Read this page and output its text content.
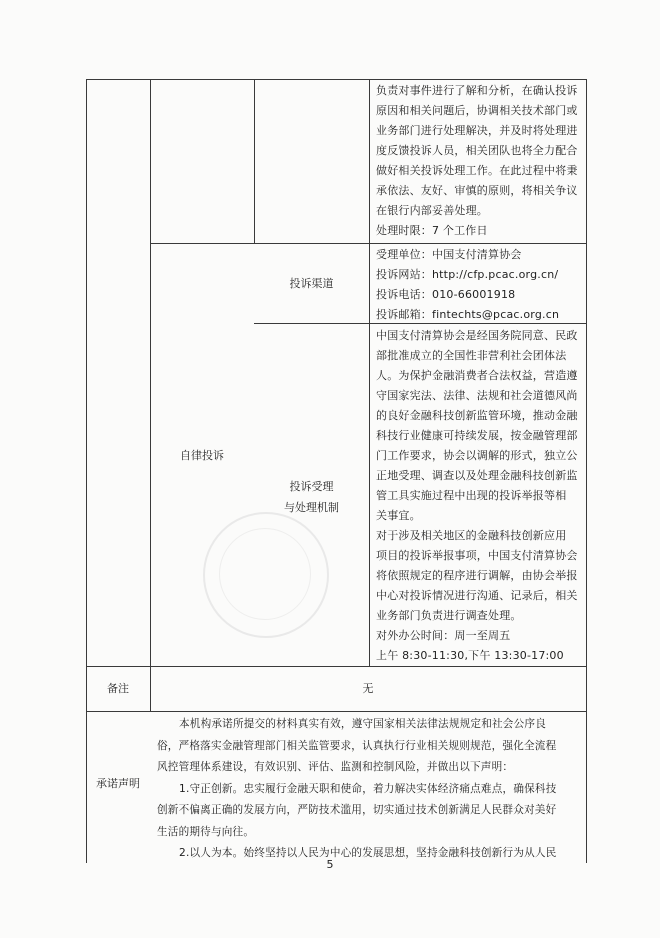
负责对事件进行了解和分析，在确认投诉

原因和相关问题后，协调相关技术部门或

业务部门进行处理解决，并及时将处理进

度反馈投诉人员，相关团队也将全力配合

做好相关投诉处理工作。在此过程中将秉

承依法、友好、审慎的原则，将相关争议

在银行内部妥善处理。

处理时限：7 个工作日

自律投诉
投诉渠道

受理单位：中国支付清算协会

投诉网站：http://cfp.pcac.org.cn/

投诉电话：010-66001918

投诉邮箱：fintechts@pcac.org.cn

投诉受理
与处理机制

中国支付清算协会是经国务院同意、民政

部批准成立的全国性非营利社会团体法

人。为保护金融消费者合法权益，营造遵

守国家宪法、法律、法规和社会道德风尚

的良好金融科技创新监管环境，推动金融

科技行业健康可持续发展，按金融管理部

门工作要求，协会以调解的形式，独立公

正地受理、调查以及处理金融科技创新监

管工具实施过程中出现的投诉举报等相

关事宜。

对于涉及相关地区的金融科技创新应用

项目的投诉举报事项，中国支付清算协会

将依照规定的程序进行调解，由协会举报

中心对投诉情况进行沟通、记录后，相关

业务部门负责进行调查处理。

对外办公时间：周一至周五

上午 8:30-11:30,下午 13:30-17:00

备注	无
承诺声明

本机构承诺所提交的材料真实有效，遵守国家相关法律法规规定和社会公序良

俗，严格落实金融管理部门相关监管要求，认真执行行业相关规则规范，强化全流程

风控管理体系建设，有效识别、评估、监测和控制风险，并做出以下声明：

1.守正创新。忠实履行金融天职和使命，着力解决实体经济痛点难点，确保科技

创新不偏离正确的发展方向，严防技术滥用，切实通过技术创新满足人民群众对美好

生活的期待与向往。

2.以人为本。始终坚持以人民为中心的发展思想，坚持金融科技创新行为从人民

5
